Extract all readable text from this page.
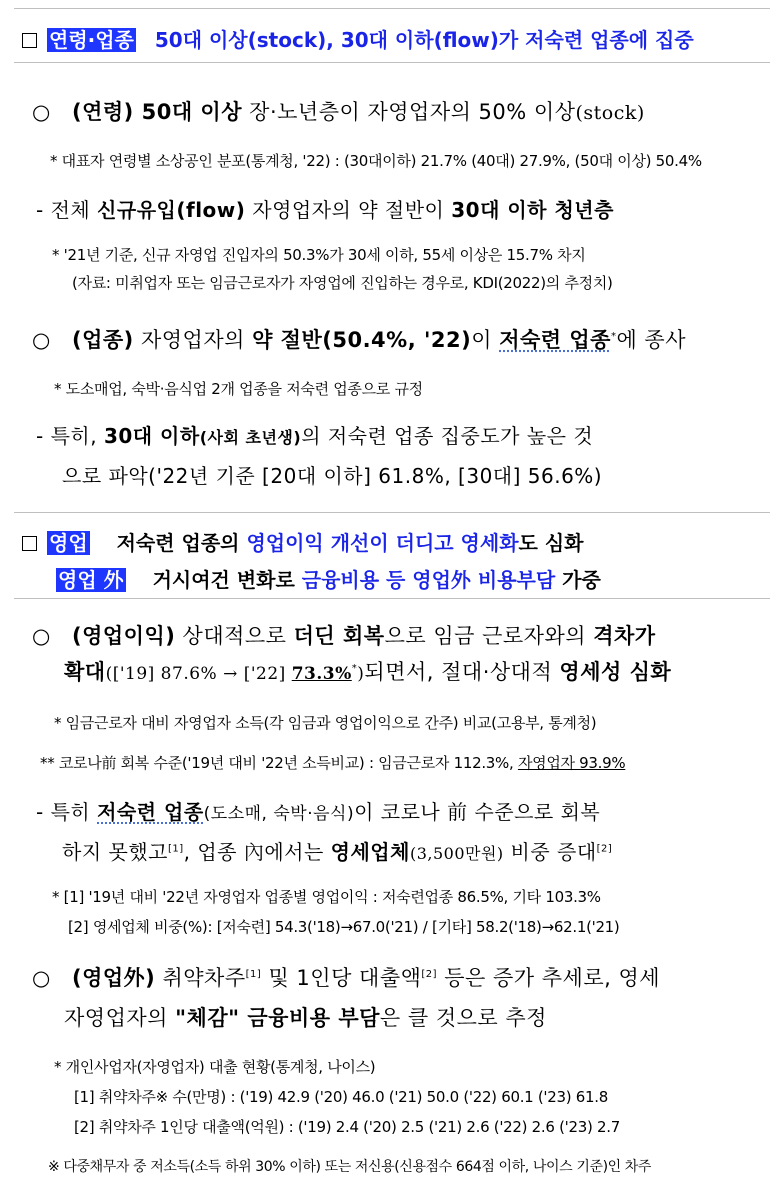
연령·업종 50대 이상(stock), 30대 이하(flow)가 저숙련 업종에 집중
○ (연령) 50대 이상 장·노년층이 자영업자의 50% 이상(stock)
* 대표자 연령별 소상공인 분포(통계청, '22) : (30대이하) 21.7% (40대) 27.9%, (50대 이상) 50.4%
- 전체 신규유입(flow) 자영업자의 약 절반이 30대 이하 청년층
* '21년 기준, 신규 자영업 진입자의 50.3%가 30세 이하, 55세 이상은 15.7% 차지
(자료: 미취업자 또는 임금근로자가 자영업에 진입하는 경우로, KDI(2022)의 추정치)
○ (업종) 자영업자의 약 절반(50.4%, '22)이 저숙련 업종*에 종사
* 도소매업, 숙박·음식업 2개 업종을 저숙련 업종으로 규정
- 특히, 30대 이하(사회 초년생)의 저숙련 업종 집중도가 높은 것
으로 파악('22년 기준 [20대 이하] 61.8%, [30대] 56.6%)
영업 저숙련 업종의 영업이익 개선이 더디고 영세화도 심화
영업 外 거시여건 변화로 금융비용 등 영업外 비용부담 가중
○ (영업이익) 상대적으로 더딘 회복으로 임금 근로자와의 격차가
확대(['19] 87.6% → ['22] 73.3%*)되면서, 절대·상대적 영세성 심화
* 임금근로자 대비 자영업자 소득(각 임금과 영업이익으로 간주) 비교(고용부, 통계청)
** 코로나前 회복 수준('19년 대비 '22년 소득비교) : 임금근로자 112.3%, 자영업자 93.9%
- 특히 저숙련 업종(도소매, 숙박·음식)이 코로나 前 수준으로 회복
하지 못했고[1], 업종 內에서는 영세업체(3,500만원) 비중 증대[2]
* [1] '19년 대비 '22년 자영업자 업종별 영업이익 : 저숙련업종 86.5%, 기타 103.3%
[2] 영세업체 비중(%): [저숙련] 54.3('18)→67.0('21) / [기타] 58.2('18)→62.1('21)
○ (영업外) 취약차주[1] 및 1인당 대출액[2] 등은 증가 추세로, 영세
자영업자의 "체감" 금융비용 부담은 클 것으로 추정
* 개인사업자(자영업자) 대출 현황(통계청, 나이스)
[1] 취약차주※ 수(만명) : ('19) 42.9 ('20) 46.0 ('21) 50.0 ('22) 60.1 ('23) 61.8
[2] 취약차주 1인당 대출액(억원) : ('19) 2.4 ('20) 2.5 ('21) 2.6 ('22) 2.6 ('23) 2.7
※ 다중채무자 중 저소득(소득 하위 30% 이하) 또는 저신용(신용점수 664점 이하, 나이스 기준)인 차주
